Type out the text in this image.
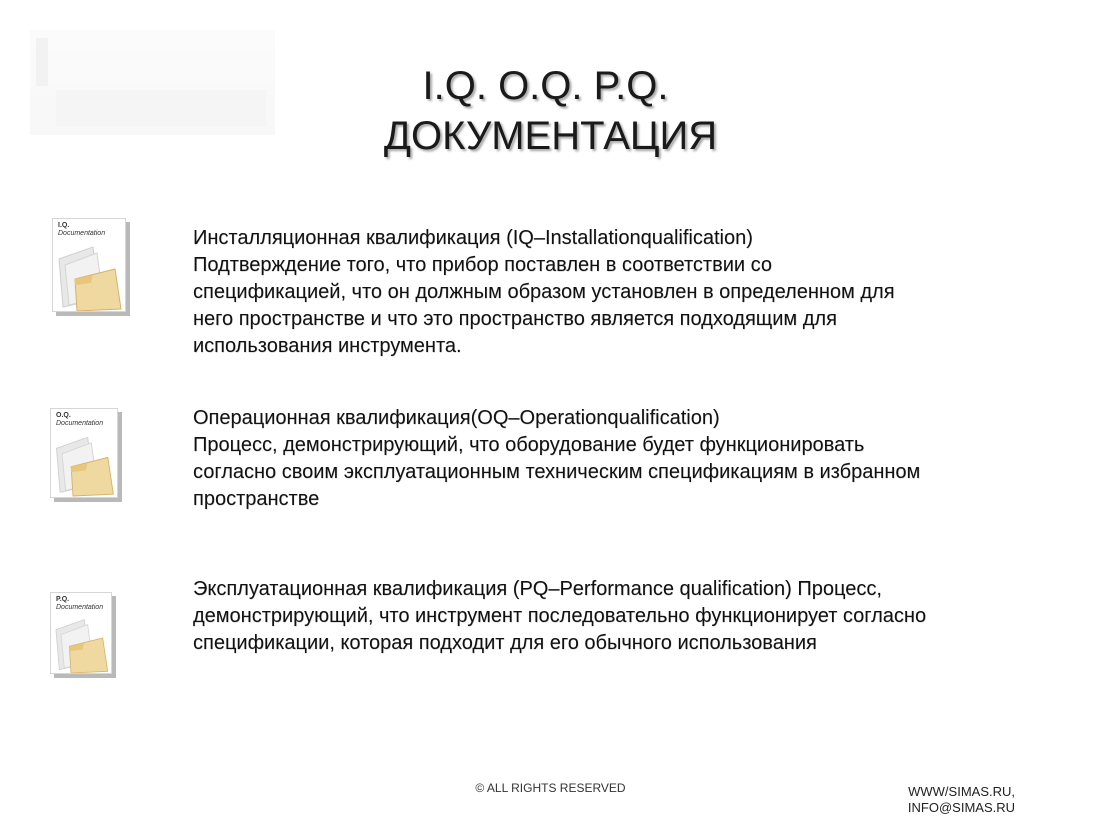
I.Q. O.Q. P.Q.
ДОКУМЕНТАЦИЯ
I.Q.
Documentation
O.Q.
Documentation
P.Q.
Documentation
Инсталляционная квалификация (IQ–Installationqualification)
Подтверждение того, что прибор поставлен в соответствии со
спецификацией, что он должным образом установлен в определенном для
него пространстве и что это пространство является подходящим для
использования инструмента.
Операционная квалификация(OQ–Operationqualification)
Процесс, демонстрирующий, что оборудование будет функционировать
согласно своим эксплуатационным техническим спецификациям в избранном
пространстве
Эксплуатационная квалификация (PQ–Performance qualification) Процесс,
демонстрирующий, что инструмент последовательно функционирует согласно
спецификации, которая подходит для его обычного использования
© ALL RIGHTS RESERVED	WWW/SIMAS.RU,
INFO@SIMAS.RU
